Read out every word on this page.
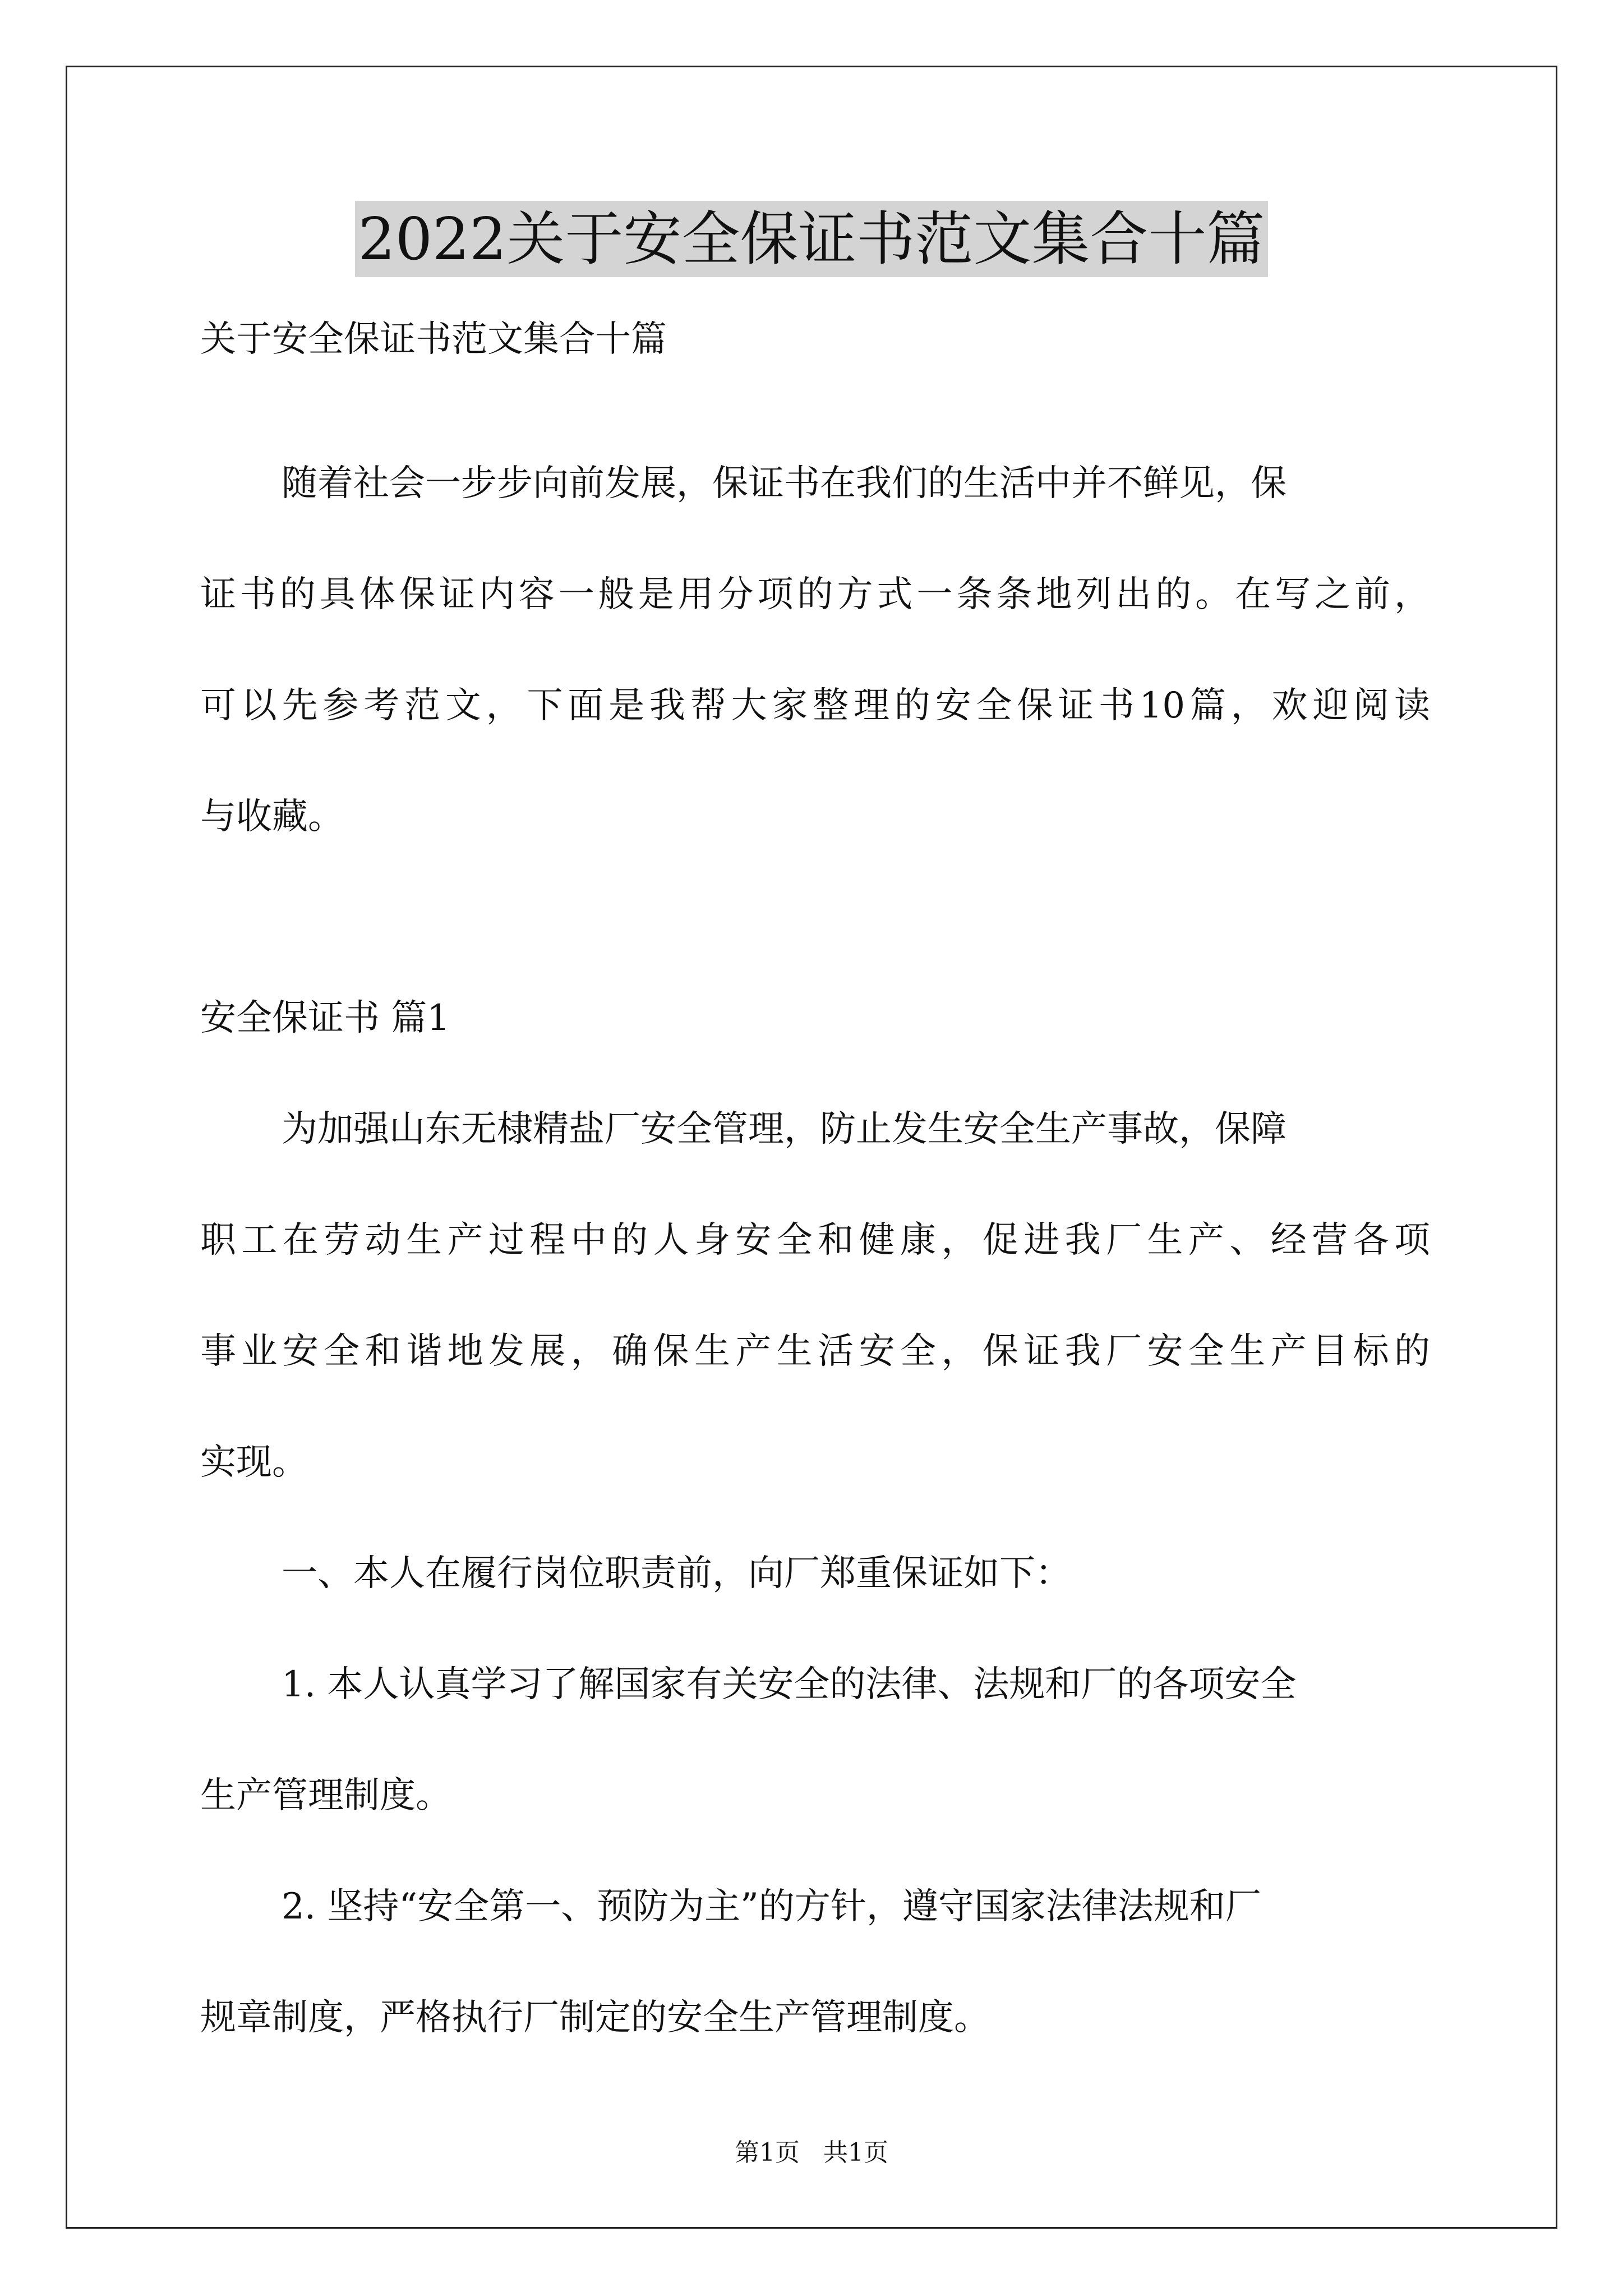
2022关于安全保证书范文集合十篇
关于安全保证书范文集合十篇
随着社会一步步向前发展，保证书在我们的生活中并不鲜见，保
证书的具体保证内容一般是用分项的方式一条条地列出的。在写之前，
可以先参考范文，下面是我帮大家整理的安全保证书10篇，欢迎阅读
与收藏。
安全保证书 篇1
为加强山东无棣精盐厂安全管理，防止发生安全生产事故，保障
职工在劳动生产过程中的人身安全和健康，促进我厂生产、经营各项
事业安全和谐地发展，确保生产生活安全，保证我厂安全生产目标的
实现。
一、本人在履行岗位职责前，向厂郑重保证如下：
1. 本人认真学习了解国家有关安全的法律、法规和厂的各项安全
生产管理制度。
2. 坚持“安全第一、预防为主”的方针，遵守国家法律法规和厂
规章制度，严格执行厂制定的安全生产管理制度。
第1页   共1页
